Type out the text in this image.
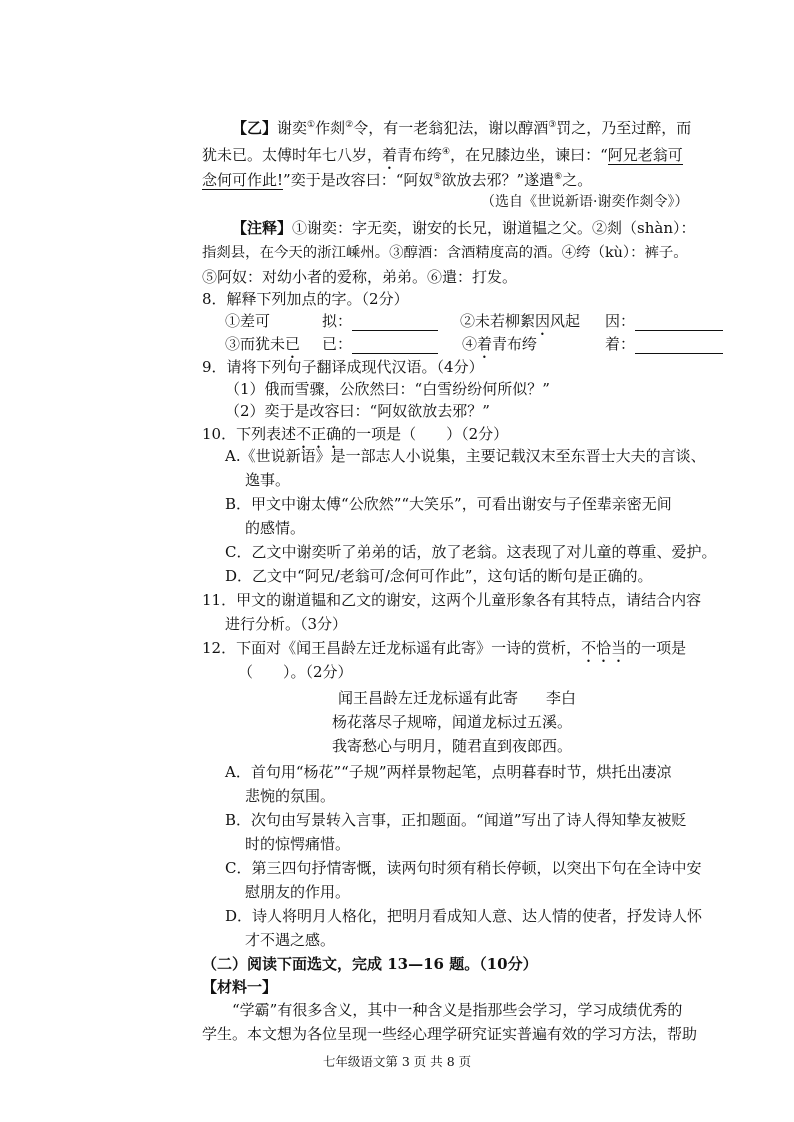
【乙】谢奕①作剡②令，有一老翁犯法，谢以醇酒③罚之，乃至过醉，而
犹未已。太傅时年七八岁，着青布绔④，在兄膝边坐，谏曰：“阿兄老翁可
念何可作此!”奕于是改容曰：“阿奴⑤欲放去邪？”遂遣⑥之。
（选自《世说新语·谢奕作剡令》）
【注释】①谢奕：字无奕，谢安的长兄，谢道韫之父。②剡（shàn）：
指剡县，在今天的浙江嵊州。③醇酒：含酒精度高的酒。④绔（kù）：裤子。
⑤阿奴：对幼小者的爱称，弟弟。⑥遣：打发。
8．解释下列加点的字。（2分）
①差可	拟：	②未若柳絮因风起 因：
③而犹未已 已：	④着青布绔	着：
9．请将下列句子翻译成现代汉语。（4分）
（1）俄而雪骤，公欣然曰：“白雪纷纷何所似？”
（2）奕于是改容曰：“阿奴欲放去邪？”
10．下列表述不正确的一项是（　　）（2分）
A.《世说新语》是一部志人小说集，主要记载汉末至东晋士大夫的言谈、
逸事。
B．甲文中谢太傅“公欣然”“大笑乐”，可看出谢安与子侄辈亲密无间
的感情。
C．乙文中谢奕听了弟弟的话，放了老翁。这表现了对儿童的尊重、爱护。
D．乙文中“阿兄/老翁可/念何可作此”，这句话的断句是正确的。
11．甲文的谢道韫和乙文的谢安，这两个儿童形象各有其特点，请结合内容
进行分析。（3分）
12．下面对《闻王昌龄左迁龙标遥有此寄》一诗的赏析，不恰当的一项是
（　　）。（2分）
闻王昌龄左迁龙标遥有此寄 李白
杨花落尽子规啼，闻道龙标过五溪。
我寄愁心与明月，随君直到夜郎西。
A．首句用“杨花”“子规”两样景物起笔，点明暮春时节，烘托出凄凉
悲惋的氛围。
B．次句由写景转入言事，正扣题面。“闻道”写出了诗人得知挚友被贬
时的惊愕痛惜。
C．第三四句抒情寄慨，读两句时须有稍长停顿，以突出下句在全诗中安
慰朋友的作用。
D．诗人将明月人格化，把明月看成知人意、达人情的使者，抒发诗人怀
才不遇之感。
（二）阅读下面选文，完成 13—16 题。（10分）
【材料一】
“学霸”有很多含义，其中一种含义是指那些会学习，学习成绩优秀的
学生。本文想为各位呈现一些经心理学研究证实普遍有效的学习方法，帮助
七年级语文第 3 页 共 8 页
